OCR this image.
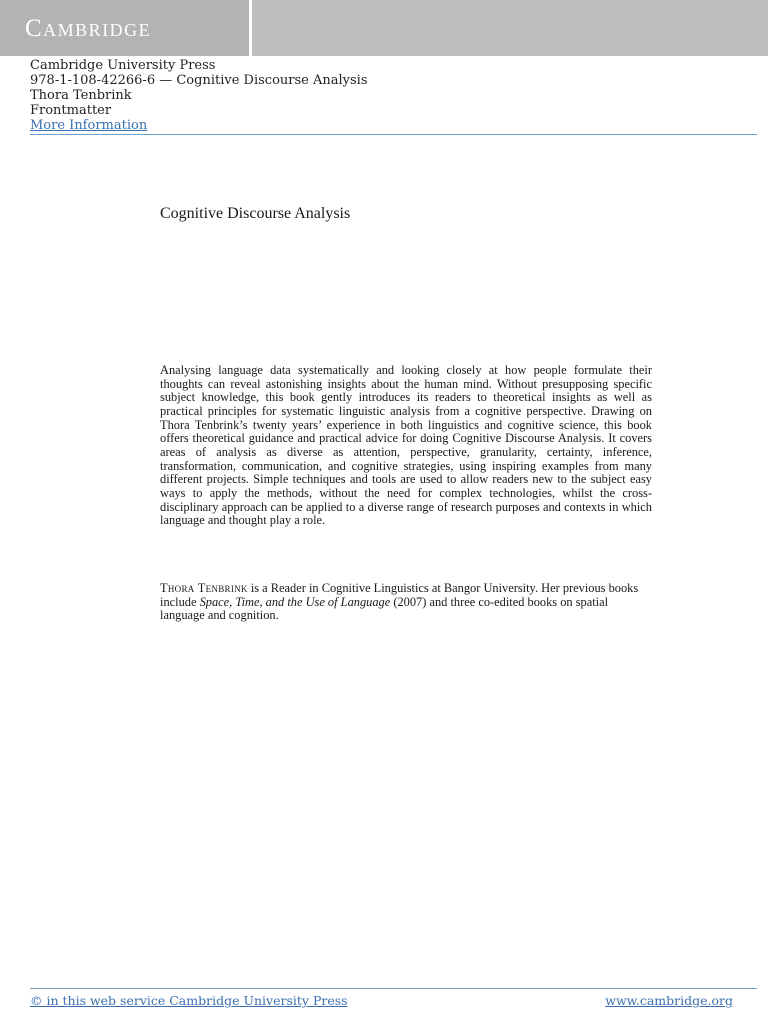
Cambridge
Cambridge University Press
978-1-108-42266-6 — Cognitive Discourse Analysis
Thora Tenbrink
Frontmatter
More Information
Cognitive Discourse Analysis

Analysing language data systematically and looking closely at how people formulate their thoughts can reveal astonishing insights about the human mind. Without presupposing specific subject knowledge, this book gently introduces its readers to theoretical insights as well as practical principles for systematic linguistic analysis from a cognitive perspective. Drawing on Thora Tenbrink’s twenty years’ experience in both linguistics and cognitive science, this book offers theoretical guidance and practical advice for doing Cognitive Discourse Analysis. It covers areas of analysis as diverse as attention, perspective, granularity, certainty, inference, transformation, communication, and cognitive strategies, using inspiring examples from many different projects. Simple techniques and tools are used to allow readers new to the subject easy ways to apply the methods, without the need for complex technologies, whilst the cross-disciplinary approach can be applied to a diverse range of research purposes and contexts in which language and thought play a role.

Thora Tenbrink is a Reader in Cognitive Linguistics at Bangor University. Her previous books include Space, Time, and the Use of Language (2007) and three co-edited books on spatial language and cognition.
© in this web service Cambridge University Press	www.cambridge.org
